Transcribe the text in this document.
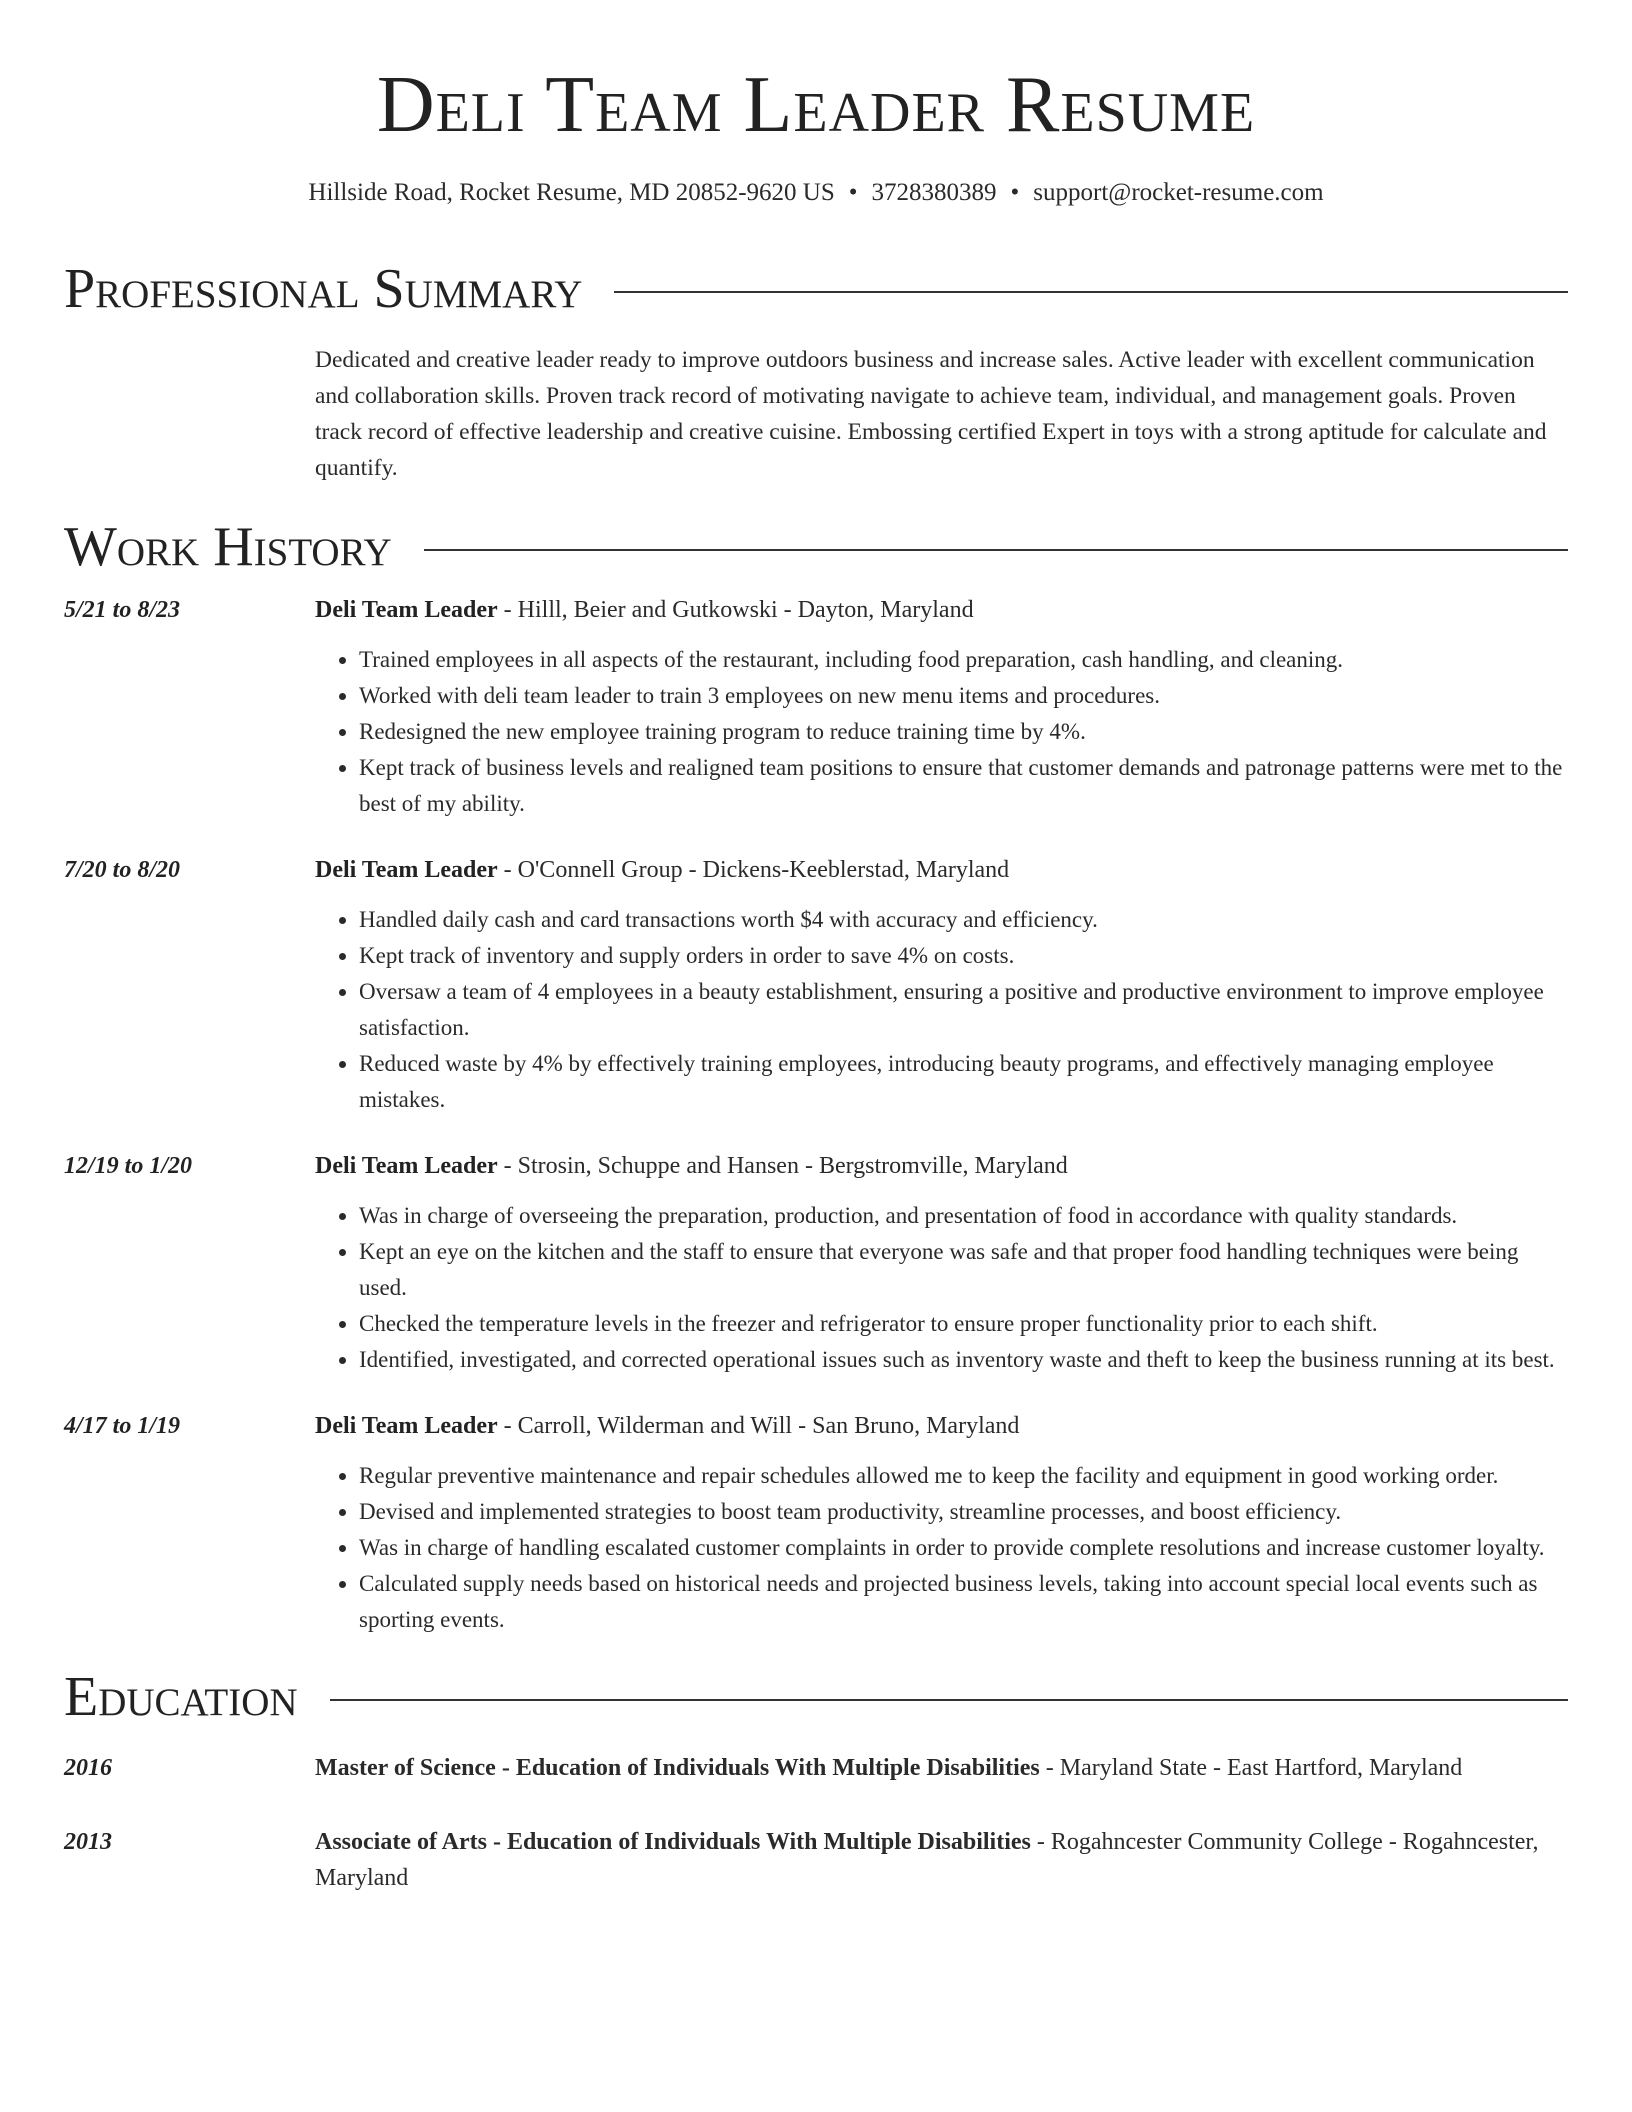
Deli Team Leader Resume
Hillside Road, Rocket Resume, MD 20852-9620 US • 3728380389 • support@rocket-resume.com
Professional Summary
Dedicated and creative leader ready to improve outdoors business and increase sales. Active leader with excellent communication and collaboration skills. Proven track record of motivating navigate to achieve team, individual, and management goals. Proven track record of effective leadership and creative cuisine. Embossing certified Expert in toys with a strong aptitude for calculate and quantify.
Work History
5/21 to 8/23	Deli Team Leader - Hilll, Beier and Gutkowski - Dayton, Maryland
• Trained employees in all aspects of the restaurant, including food preparation, cash handling, and cleaning.
• Worked with deli team leader to train 3 employees on new menu items and procedures.
• Redesigned the new employee training program to reduce training time by 4%.
• Kept track of business levels and realigned team positions to ensure that customer demands and patronage patterns were met to the best of my ability.
7/20 to 8/20	Deli Team Leader - O'Connell Group - Dickens-Keeblerstad, Maryland
• Handled daily cash and card transactions worth $4 with accuracy and efficiency.
• Kept track of inventory and supply orders in order to save 4% on costs.
• Oversaw a team of 4 employees in a beauty establishment, ensuring a positive and productive environment to improve employee satisfaction.
• Reduced waste by 4% by effectively training employees, introducing beauty programs, and effectively managing employee mistakes.
12/19 to 1/20	Deli Team Leader - Strosin, Schuppe and Hansen - Bergstromville, Maryland
• Was in charge of overseeing the preparation, production, and presentation of food in accordance with quality standards.
• Kept an eye on the kitchen and the staff to ensure that everyone was safe and that proper food handling techniques were being used.
• Checked the temperature levels in the freezer and refrigerator to ensure proper functionality prior to each shift.
• Identified, investigated, and corrected operational issues such as inventory waste and theft to keep the business running at its best.
4/17 to 1/19	Deli Team Leader - Carroll, Wilderman and Will - San Bruno, Maryland
• Regular preventive maintenance and repair schedules allowed me to keep the facility and equipment in good working order.
• Devised and implemented strategies to boost team productivity, streamline processes, and boost efficiency.
• Was in charge of handling escalated customer complaints in order to provide complete resolutions and increase customer loyalty.
• Calculated supply needs based on historical needs and projected business levels, taking into account special local events such as sporting events.
Education
2016	Master of Science - Education of Individuals With Multiple Disabilities - Maryland State - East Hartford, Maryland
2013	Associate of Arts - Education of Individuals With Multiple Disabilities - Rogahncester Community College - Rogahncester, Maryland
